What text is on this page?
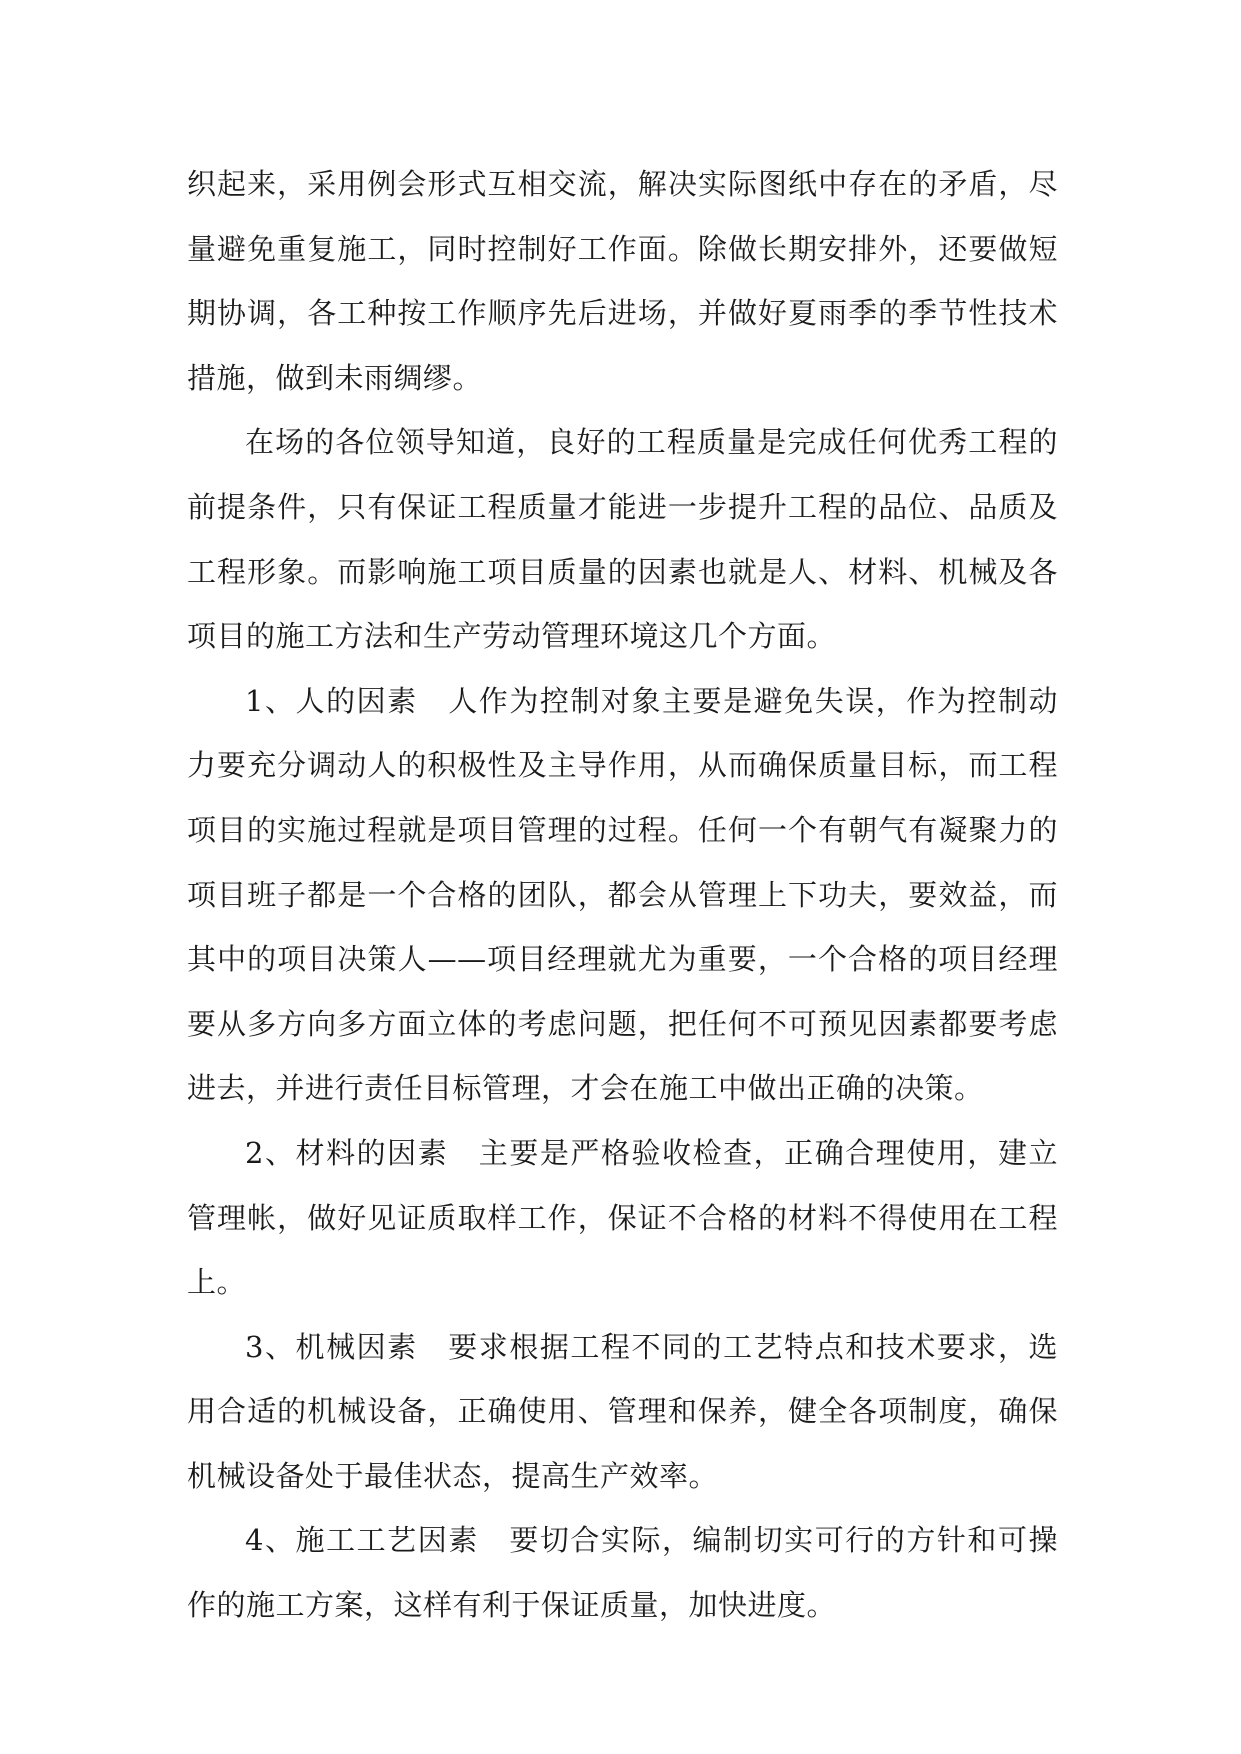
织起来，采用例会形式互相交流，解决实际图纸中存在的矛盾，尽量避免重复施工，同时控制好工作面。除做长期安排外，还要做短期协调，各工种按工作顺序先后进场，并做好夏雨季的季节性技术措施，做到未雨绸缪。

在场的各位领导知道，良好的工程质量是完成任何优秀工程的前提条件，只有保证工程质量才能进一步提升工程的品位、品质及工程形象。而影响施工项目质量的因素也就是人、材料、机械及各项目的施工方法和生产劳动管理环境这几个方面。

1、人的因素　人作为控制对象主要是避免失误，作为控制动力要充分调动人的积极性及主导作用，从而确保质量目标，而工程项目的实施过程就是项目管理的过程。任何一个有朝气有凝聚力的项目班子都是一个合格的团队，都会从管理上下功夫，要效益，而其中的项目决策人——项目经理就尤为重要，一个合格的项目经理要从多方向多方面立体的考虑问题，把任何不可预见因素都要考虑进去，并进行责任目标管理，才会在施工中做出正确的决策。

2、材料的因素　主要是严格验收检查，正确合理使用，建立管理帐，做好见证质取样工作，保证不合格的材料不得使用在工程上。

3、机械因素　要求根据工程不同的工艺特点和技术要求，选用合适的机械设备，正确使用、管理和保养，健全各项制度，确保机械设备处于最佳状态，提高生产效率。

4、施工工艺因素　要切合实际，编制切实可行的方针和可操作的施工方案，这样有利于保证质量，加快进度。
